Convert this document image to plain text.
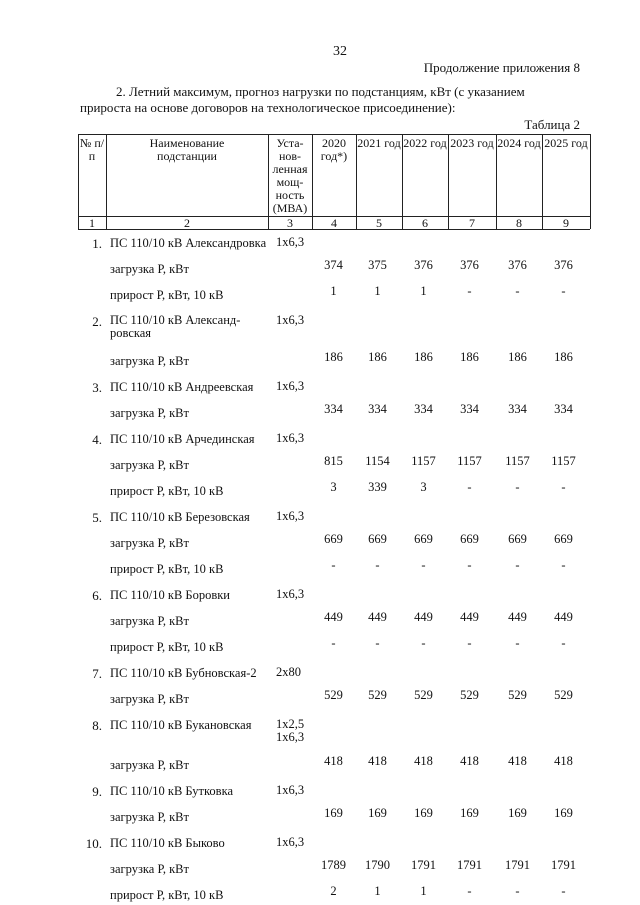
32
Продолжение приложения 8
2. Летний максимум, прогноз нагрузки по подстанциям, кВт (с указанием
прироста на основе договоров на технологическое присоединение):
Таблица 2
№ п/п
Наименование подстанции
Уста-нов-ленная мощ-ность (МВА)
2020 год*)
2021 год 2022 год 2023 год 2024 год 2025 год
1	2	3	4	5	6	7	8	9
1. ПС 110/10 кВ Александровка 1х6,3
загрузка Р, кВт	374	375	376	376	376	376
прирост Р, кВт, 10 кВ	1	1	1	-	-	-
2. ПС 110/10 кВ Александ-ровская
1х6,3
загрузка Р, кВт	186	186	186	186	186	186
3. ПС 110/10 кВ Андреевская 1х6,3
загрузка Р, кВт	334	334	334	334	334	334
4. ПС 110/10 кВ Арчединская 1х6,3
загрузка Р, кВт	815	1154	1157	1157	1157	1157
прирост Р, кВт, 10 кВ	3	339	3	-	-	-
5. ПС 110/10 кВ Березовская 1х6,3
загрузка Р, кВт	669	669	669	669	669	669
прирост Р, кВт, 10 кВ	-	-	-	-	-	-
6. ПС 110/10 кВ Боровки	1х6,3
загрузка Р, кВт	449	449	449	449	449	449
прирост Р, кВт, 10 кВ	-	-	-	-	-	-
7. ПС 110/10 кВ Бубновская-2 2х80
загрузка Р, кВт	529	529	529	529	529	529
8. ПС 110/10 кВ Букановская 1х2,5 1х6,3
загрузка Р, кВт	418	418	418	418	418	418
9. ПС 110/10 кВ Бутковка	1х6,3
загрузка Р, кВт	169	169	169	169	169	169
10. ПС 110/10 кВ Быково	1х6,3
загрузка Р, кВт	1789	1790	1791	1791	1791	1791
прирост Р, кВт, 10 кВ	2	1	1	-	-	-
